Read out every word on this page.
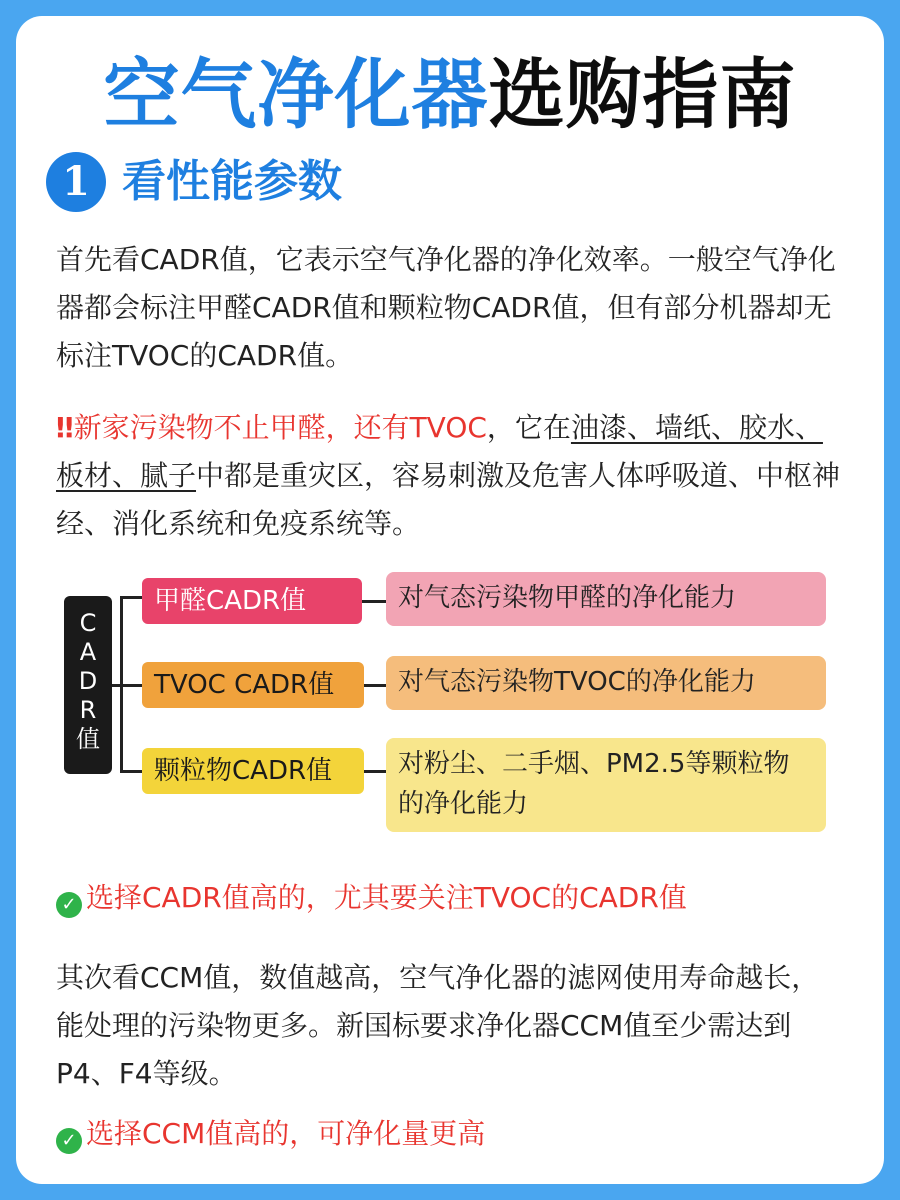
空气净化器选购指南
1 看性能参数

首先看CADR值，它表示空气净化器的净化效率。一般空气净化器都会标注甲醛CADR值和颗粒物CADR值，但有部分机器却无标注TVOC的CADR值。

‼新家污染物不止甲醛，还有TVOC，它在油漆、墙纸、胶水、板材、腻子中都是重灾区，容易刺激及危害人体呼吸道、中枢神经、消化系统和免疫系统等。

C
A
D
R
值
甲醛CADR值
TVOC CADR值
颗粒物CADR值
对气态污染物甲醛的净化能力
对气态污染物TVOC的净化能力
对粉尘、二手烟、PM2.5等颗粒物的净化能力
✓ 选择CADR值高的，尤其要关注TVOC的CADR值

其次看CCM值，数值越高，空气净化器的滤网使用寿命越长，能处理的污染物更多。新国标要求净化器CCM值至少需达到P4、F4等级。

✓ 选择CCM值高的，可净化量更高
